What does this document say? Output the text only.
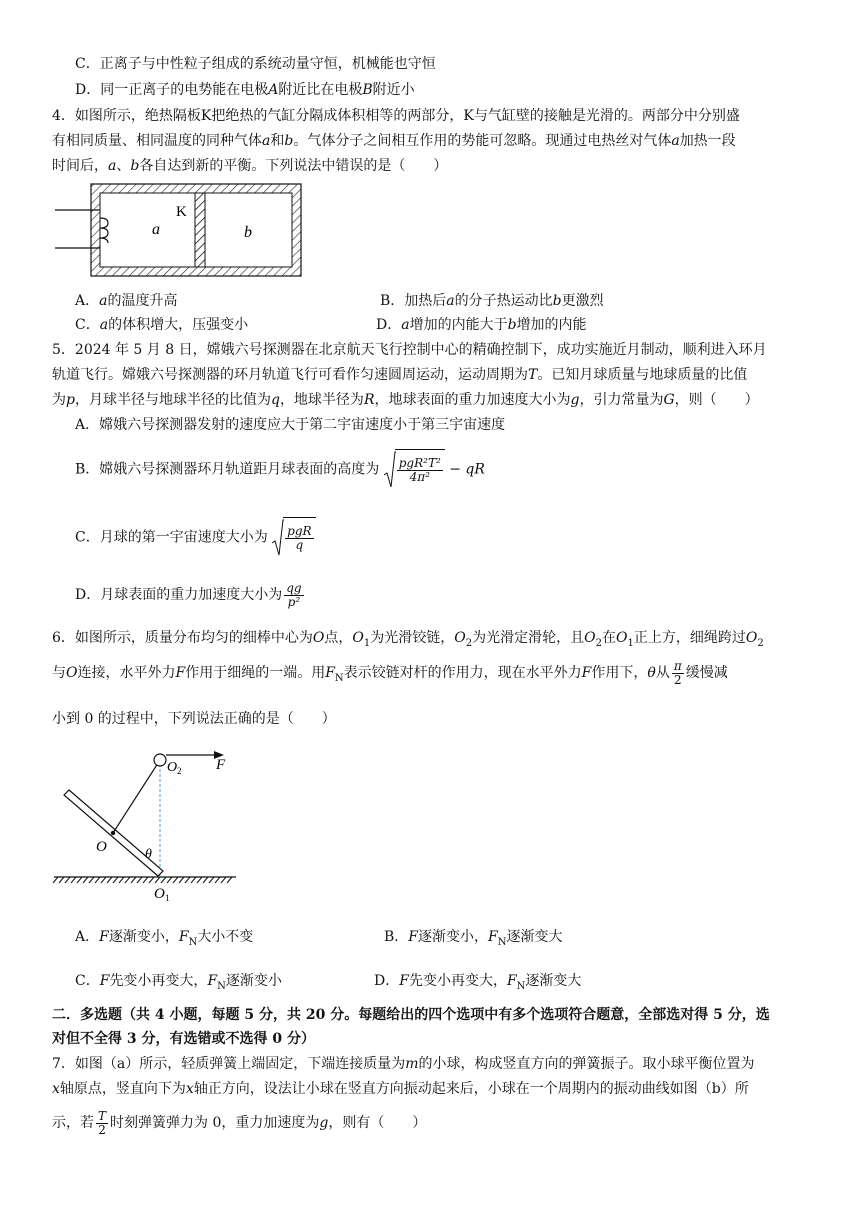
C．正离子与中性粒子组成的系统动量守恒，机械能也守恒
D．同一正离子的电势能在电极A附近比在电极B附近小
4．如图所示，绝热隔板K把绝热的气缸分隔成体积相等的两部分，K与气缸壁的接触是光滑的。两部分中分别盛
有相同质量、相同温度的同种气体a和b。气体分子之间相互作用的势能可忽略。现通过电热丝对气体a加热一段
时间后，a、b各自达到新的平衡。下列说法中错误的是（　　）
K
a	b
A．a的温度升高	B．加热后a的分子热运动比b更激烈
C．a的体积增大，压强变小	D．a增加的内能大于b增加的内能
5．2024 年 5 月 8 日，嫦娥六号探测器在北京航天飞行控制中心的精确控制下，成功实施近月制动，顺利进入环月
轨道飞行。嫦娥六号探测器的环月轨道飞行可看作匀速圆周运动，运动周期为T。已知月球质量与地球质量的比值
为p，月球半径与地球半径的比值为q，地球半径为R，地球表面的重力加速度大小为g，引力常量为G，则（　　）
A．嫦娥六号探测器发射的速度应大于第二宇宙速度小于第三宇宙速度
B．嫦娥六号探测器环月轨道距月球表面的高度为 $\frac{\text{pgR²T²}}{\text{4π²}}$ − qR
C．月球的第一宇宙速度大小为 $\frac{\text{pgR}}{q}$
D．月球表面的重力加速度大小为 $\frac{qg}{\text{p²}}$
6．如图所示，质量分布均匀的细棒中心为O点，$O_1$为光滑铰链，$O_2$为光滑定滑轮，且$O_2$在$O_1$正上方，细绳跨过$O_2$
与O连接，水平外力F作用于细绳的一端。用$F_N$表示铰链对杆的作用力，现在水平外力F作用下，θ从 $\frac{\pi}{2}$ 缓慢减
小到 0 的过程中，下列说法正确的是（　　）
O 2 F
O	θ
O 1
A．F逐渐变小，$F_N$大小不变	B．F逐渐变小，$F_N$逐渐变大
C．F先变小再变大，$F_N$逐渐变小	D．F先变小再变大，$F_N$逐渐变大
二．多选题（共 4 小题，每题 5 分，共 20 分。每题给出的四个选项中有多个选项符合题意，全部选对得 5 分，选
对但不全得 3 分，有选错或不选得 0 分）
7．如图（a）所示，轻质弹簧上端固定，下端连接质量为m的小球，构成竖直方向的弹簧振子。取小球平衡位置为
x轴原点，竖直向下为x轴正方向，设法让小球在竖直方向振动起来后，小球在一个周期内的振动曲线如图（b）所
示，若 $\frac{T}{2}$ 时刻弹簧弹力为 0，重力加速度为g，则有（　　）
